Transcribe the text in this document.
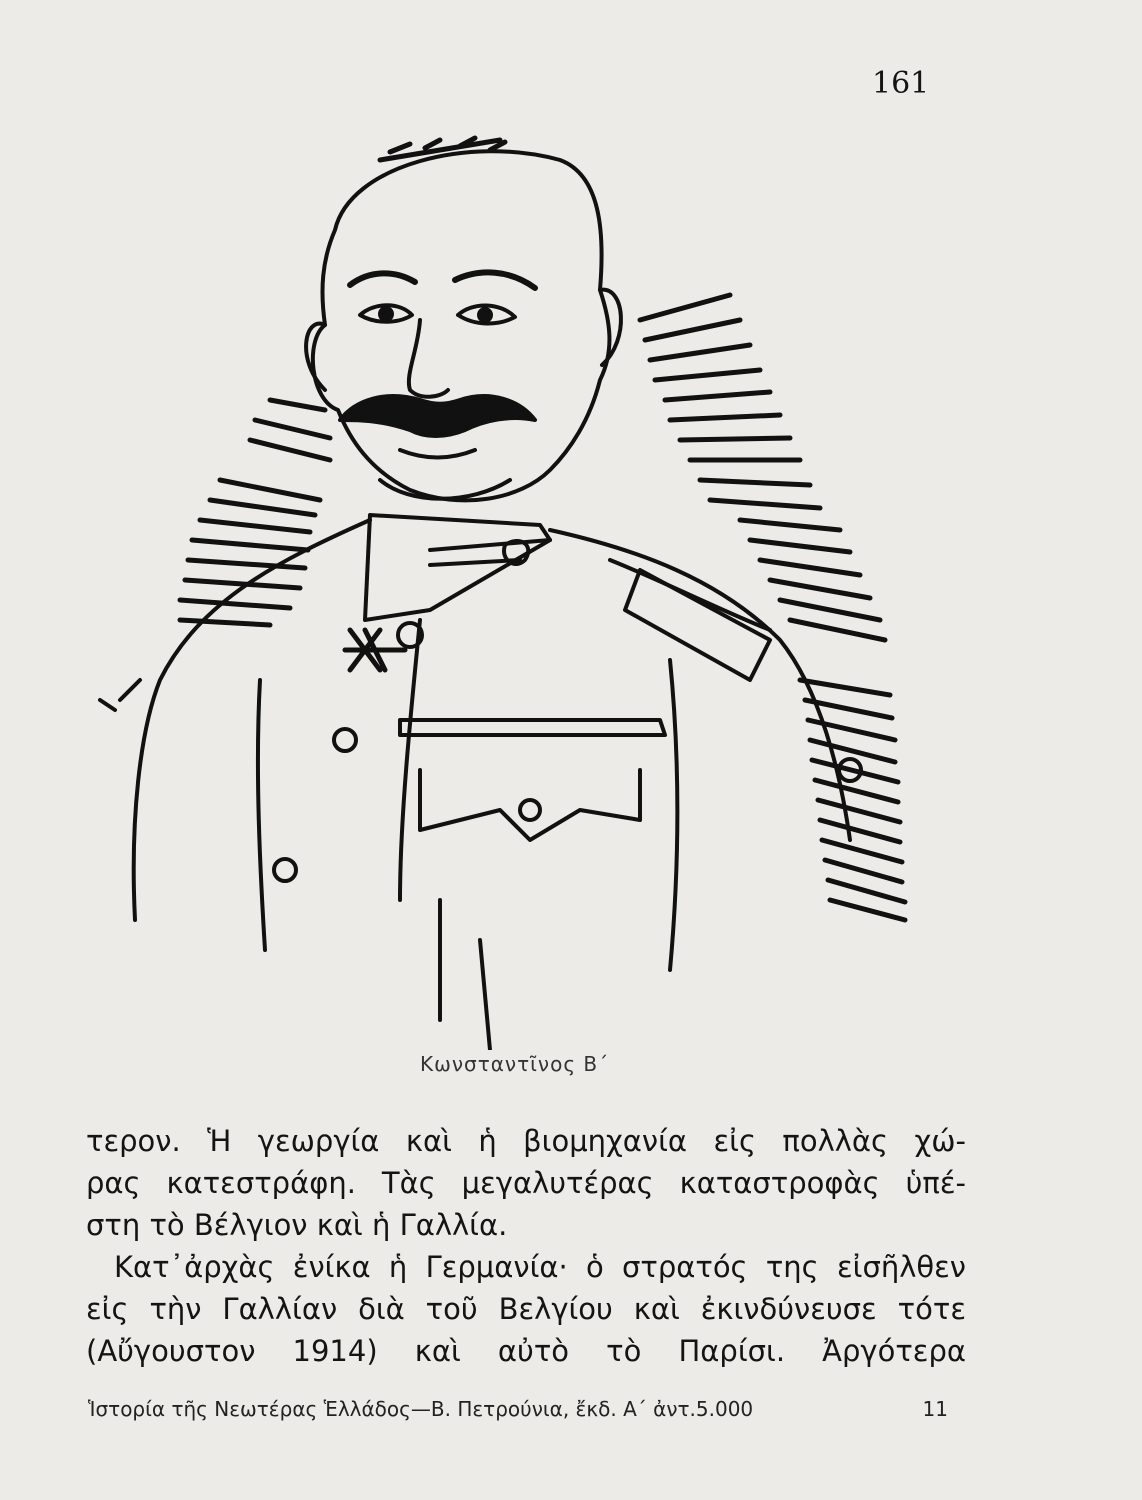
161
Κωνσταντῖνος Β΄
τερον. Ἡ γεωργία καὶ ἡ βιομηχανία εἰς πολλὰς χώ-
ρας κατεστράφη. Τὰς μεγαλυτέρας καταστροφὰς ὑπέ-
στη τὸ Βέλγιον καὶ ἡ Γαλλία.
Κατ᾽ἀρχὰς ἐνίκα ἡ Γερμανία· ὁ στρατός της εἰσῆλθεν
εἰς τὴν Γαλλίαν διὰ τοῦ Βελγίου καὶ ἐκινδύνευσε τότε
(Αὔγουστον 1914) καὶ αὐτὸ τὸ Παρίσι. Ἀργότερα
Ἱστορία τῆς Νεωτέρας Ἑλλάδος—Β. Πετρούνια, ἔκδ. Α΄ ἀντ.5.000	11
